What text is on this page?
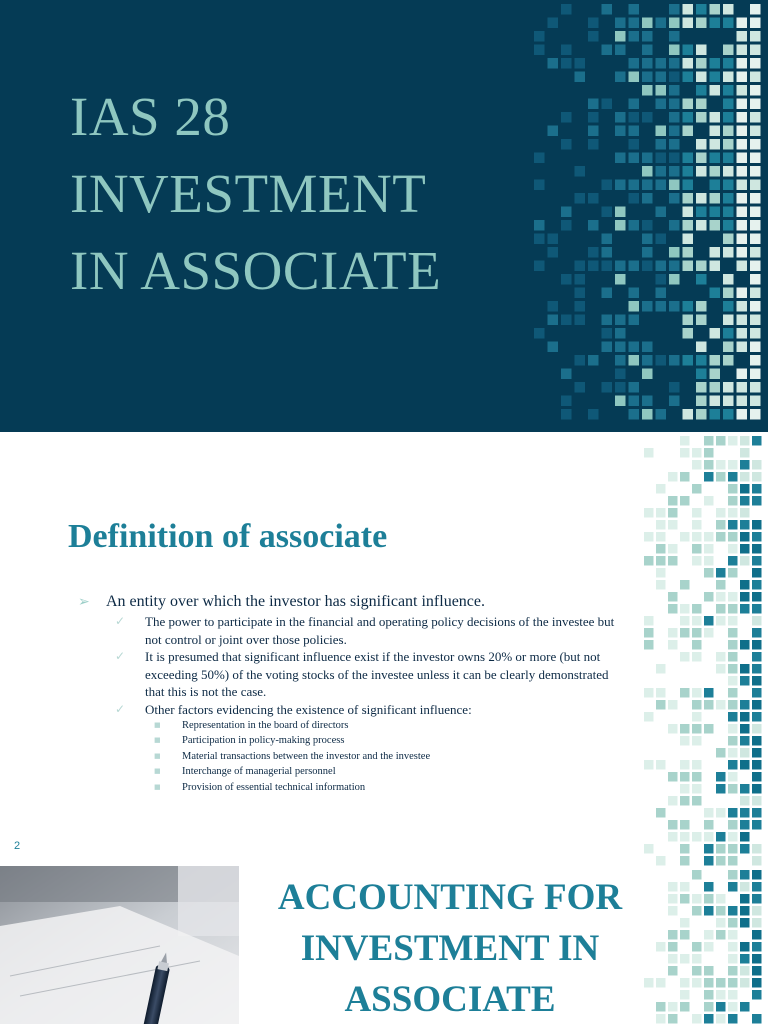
IAS 28
INVESTMENT
IN ASSOCIATE
Definition of associate
➢	An entity over which the investor has significant influence.
✓	The power to participate in the financial and operating policy decisions of the investee but not control or joint over those policies.
✓	It is presumed that significant influence exist if the investor owns 20% or more (but not exceeding 50%) of the voting stocks of the investee unless it can be clearly demonstrated that this is not the case.
✓	Other factors evidencing the existence of significant influence:
■	Representation in the board of directors
■	Participation in policy-making process
■	Material transactions between the investor and the investee
■	Interchange of managerial personnel
■	Provision of essential technical information
2
ACCOUNTING FOR
INVESTMENT IN
ASSOCIATE
